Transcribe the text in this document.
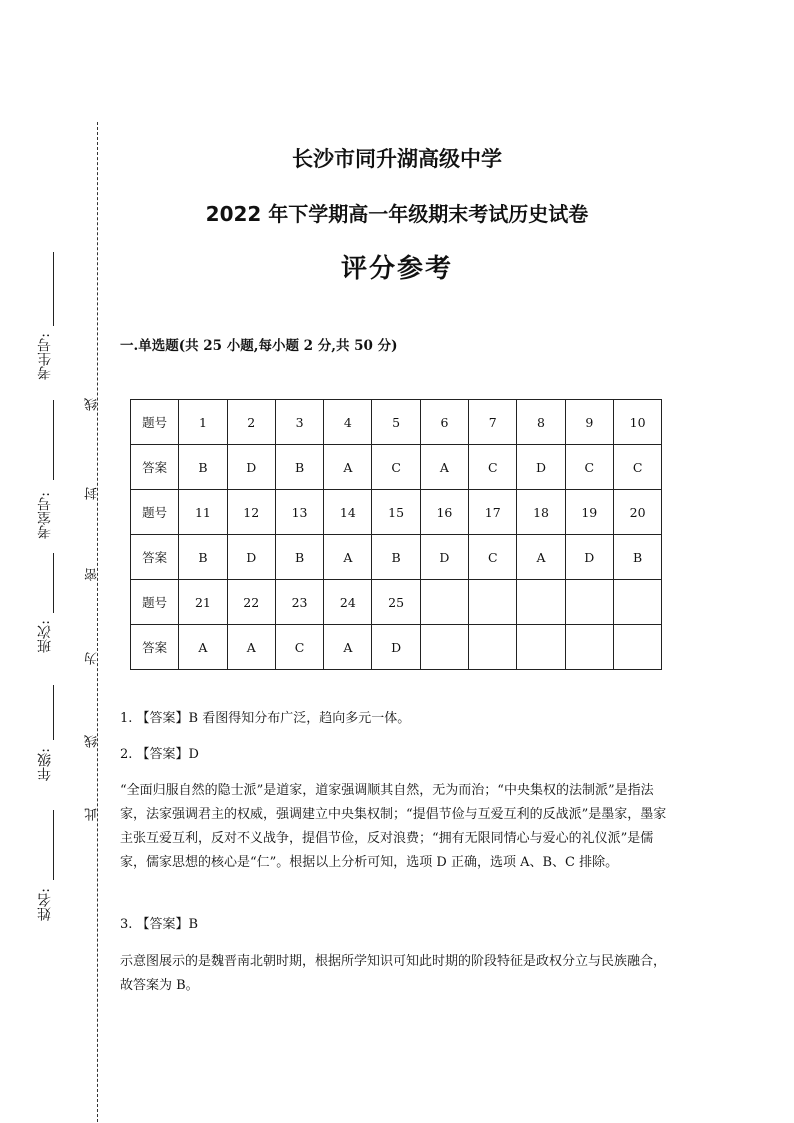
考生号:
考室号:
班次:
年级:
姓名:
线
封
密
为
线
此
长沙市同升湖高级中学
2022 年下学期高一年级期末考试历史试卷
评分参考
一.单选题(共 25 小题,每小题 2 分,共 50 分)
题号	1	2	3	4	5	6	7	8	9	10
答案	B	D	B	A	C	A	C	D	C	C
题号	11	12	13	14	15	16	17	18	19	20
答案	B	D	B	A	B	D	C	A	D	B
题号	21	22	23	24	25					
答案	A	A	C	A	D					
1. 【答案】B 看图得知分布广泛，趋向多元一体。
2. 【答案】D
“全面归服自然的隐士派”是道家，道家强调顺其自然，无为而治；“中央集权的法制派”是指法家，法家强调君主的权威，强调建立中央集权制；“提倡节俭与互爱互利的反战派”是墨家，墨家主张互爱互利，反对不义战争，提倡节俭，反对浪费；“拥有无限同情心与爱心的礼仪派”是儒家，儒家思想的核心是“仁”。根据以上分析可知，选项 D 正确，选项 A、B、C 排除。
3. 【答案】B
示意图展示的是魏晋南北朝时期，根据所学知识可知此时期的阶段特征是政权分立与民族融合，故答案为 B。
